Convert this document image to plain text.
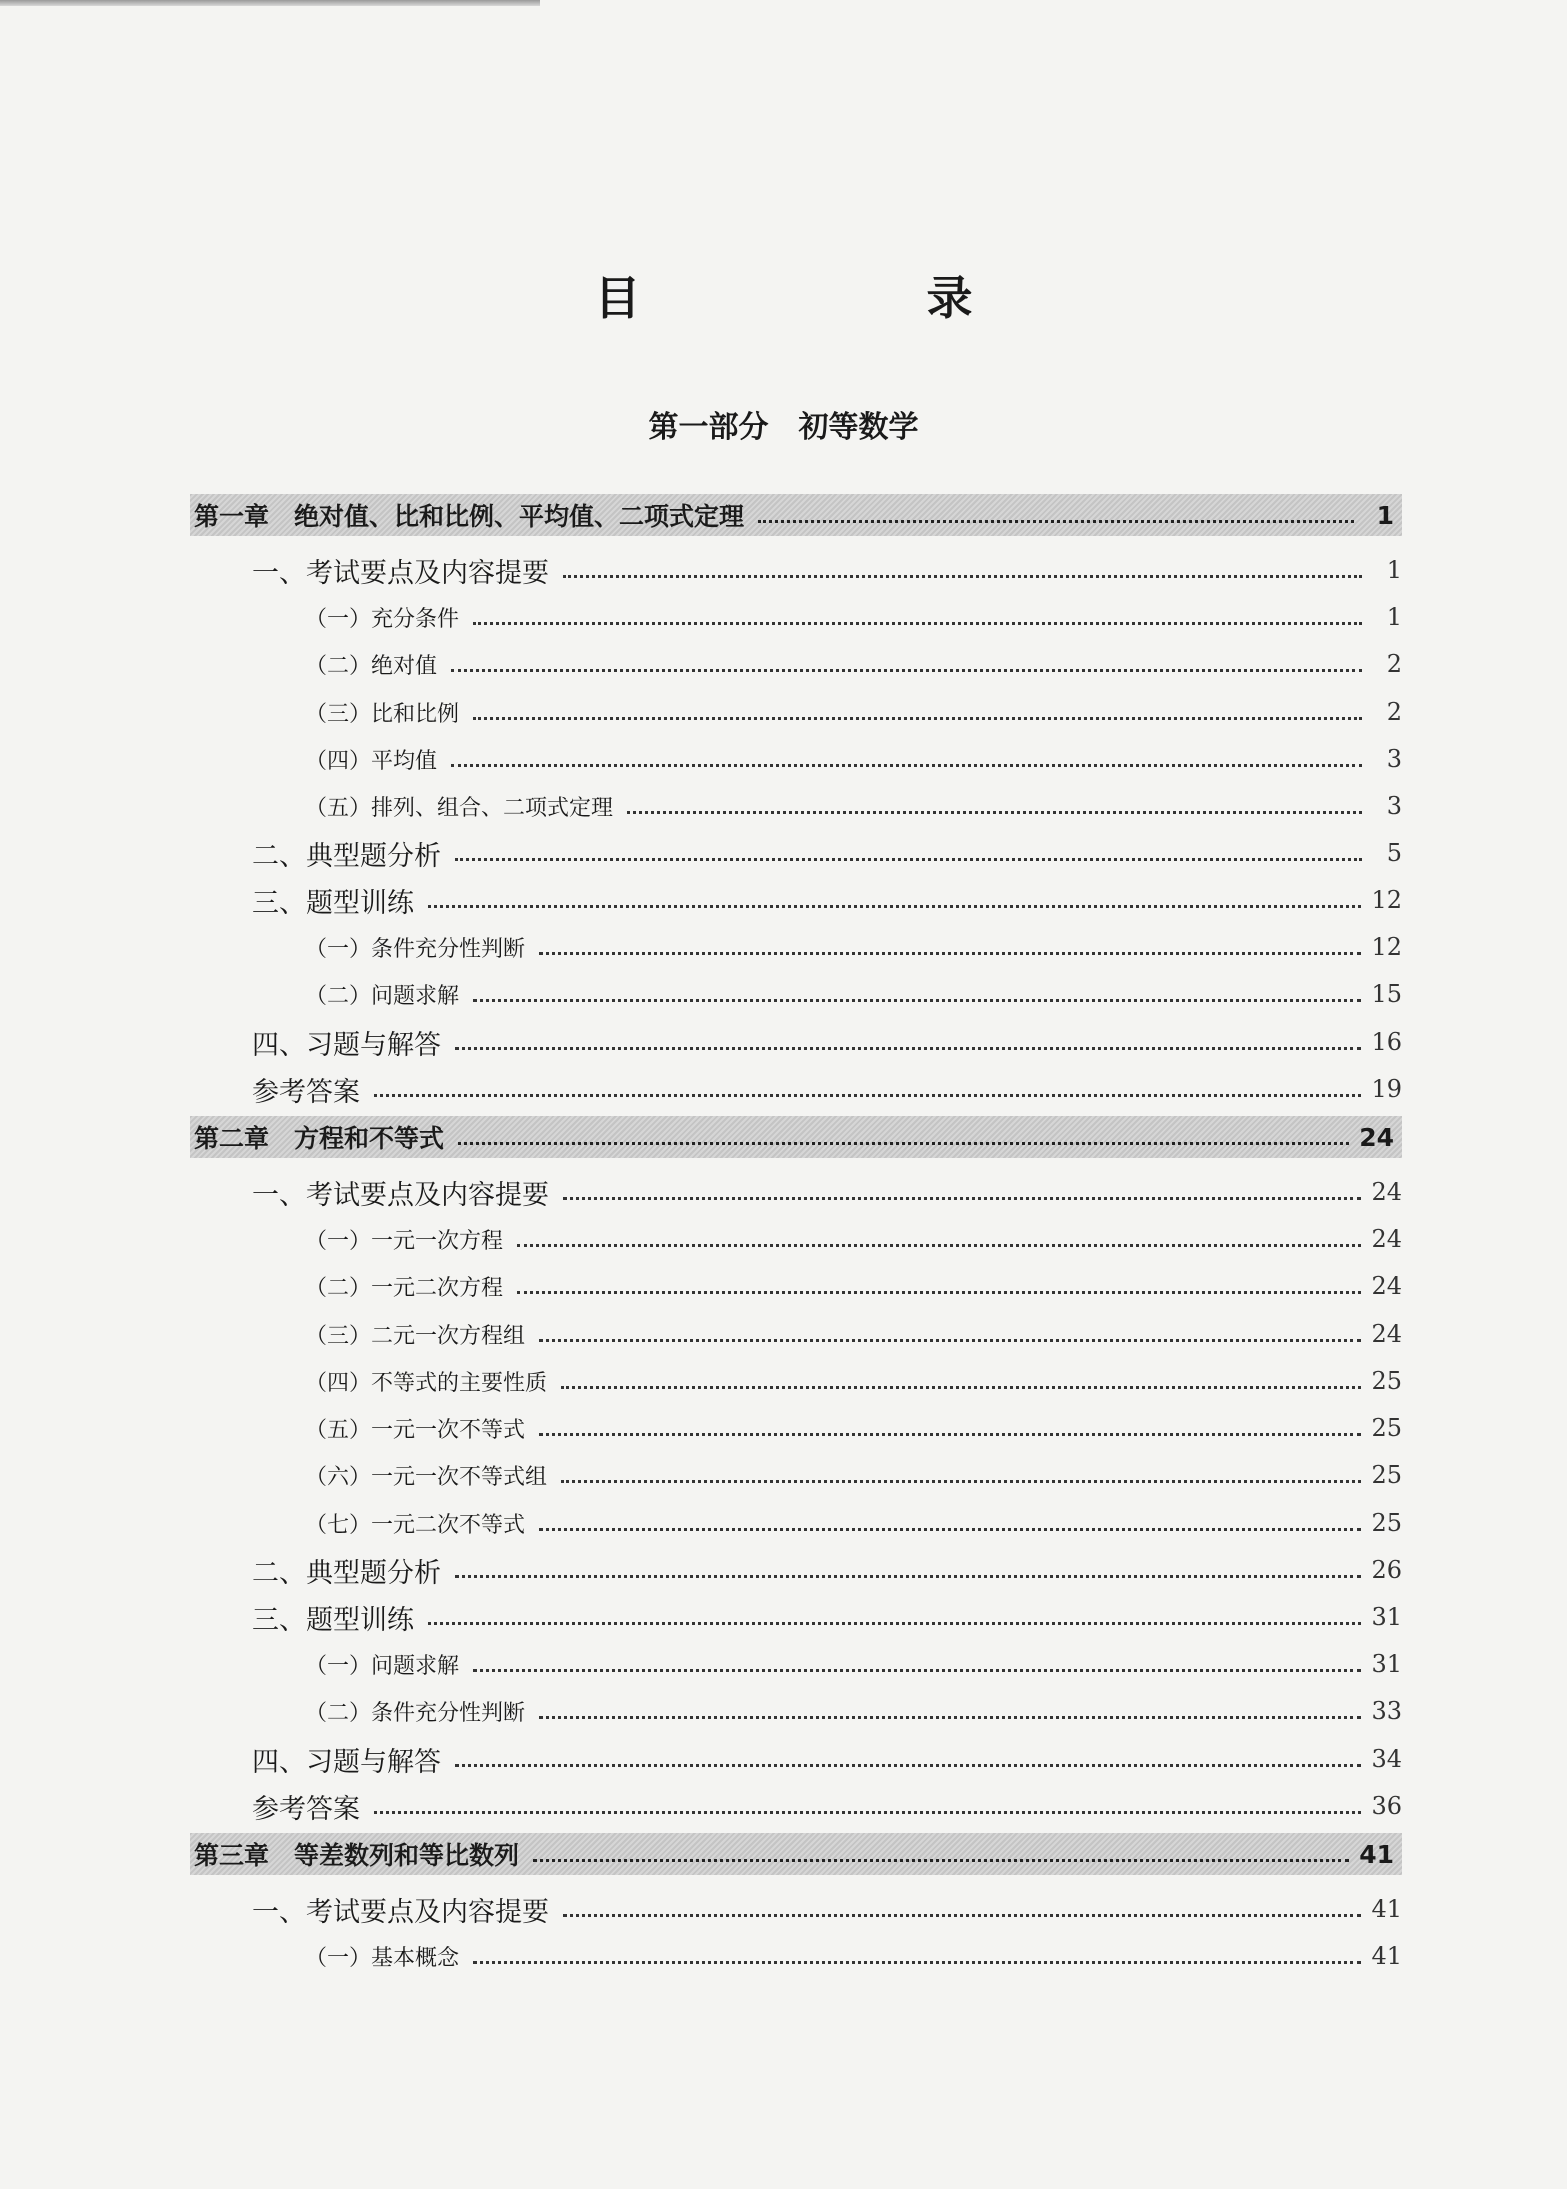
目　录
第一部分　初等数学
第一章　绝对值、比和比例、平均值、二项式定理	1
一、考试要点及内容提要	1
（一）充分条件	1
（二）绝对值	2
（三）比和比例	2
（四）平均值	3
（五）排列、组合、二项式定理	3
二、典型题分析	5
三、题型训练	12
（一）条件充分性判断	12
（二）问题求解	15
四、习题与解答	16
参考答案	19
第二章　方程和不等式	24
一、考试要点及内容提要	24
（一）一元一次方程	24
（二）一元二次方程	24
（三）二元一次方程组	24
（四）不等式的主要性质	25
（五）一元一次不等式	25
（六）一元一次不等式组	25
（七）一元二次不等式	25
二、典型题分析	26
三、题型训练	31
（一）问题求解	31
（二）条件充分性判断	33
四、习题与解答	34
参考答案	36
第三章　等差数列和等比数列	41
一、考试要点及内容提要	41
（一）基本概念	41
